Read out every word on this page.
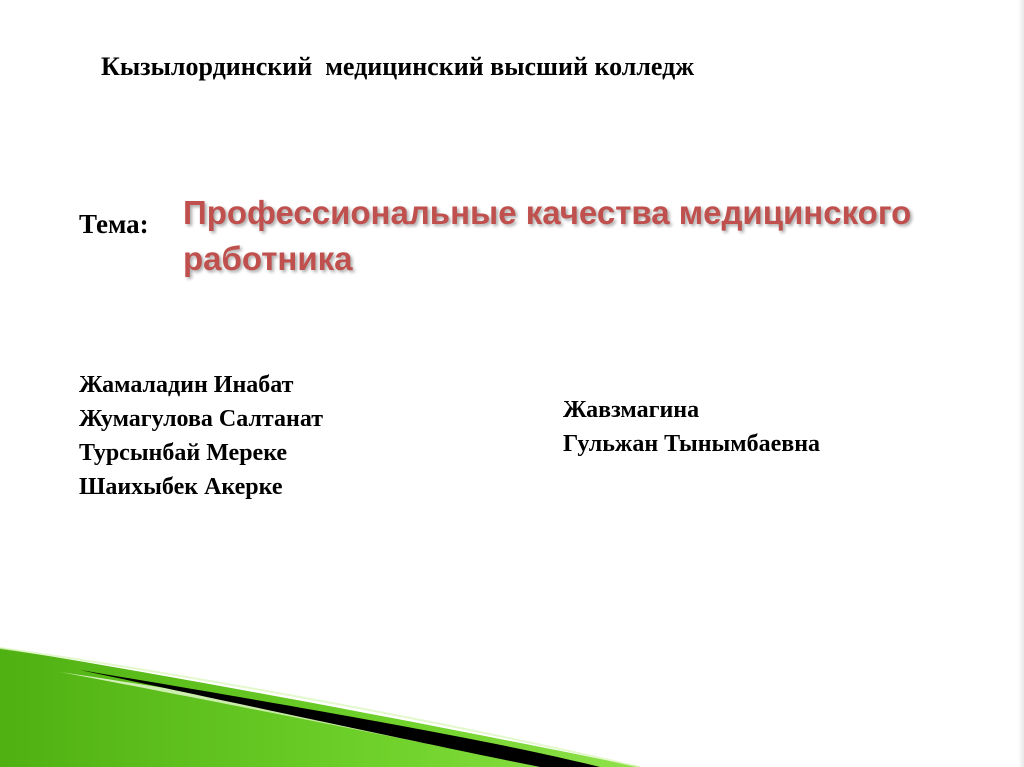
Кызылординский  медицинский высший колледж
Тема: Профессиональные качества медицинского
работника
Жамаладин Инабат
Жумагулова Салтанат
Турсынбай Мереке
Шаихыбек Акерке
Жавзмагина
Гульжан Тынымбаевна
